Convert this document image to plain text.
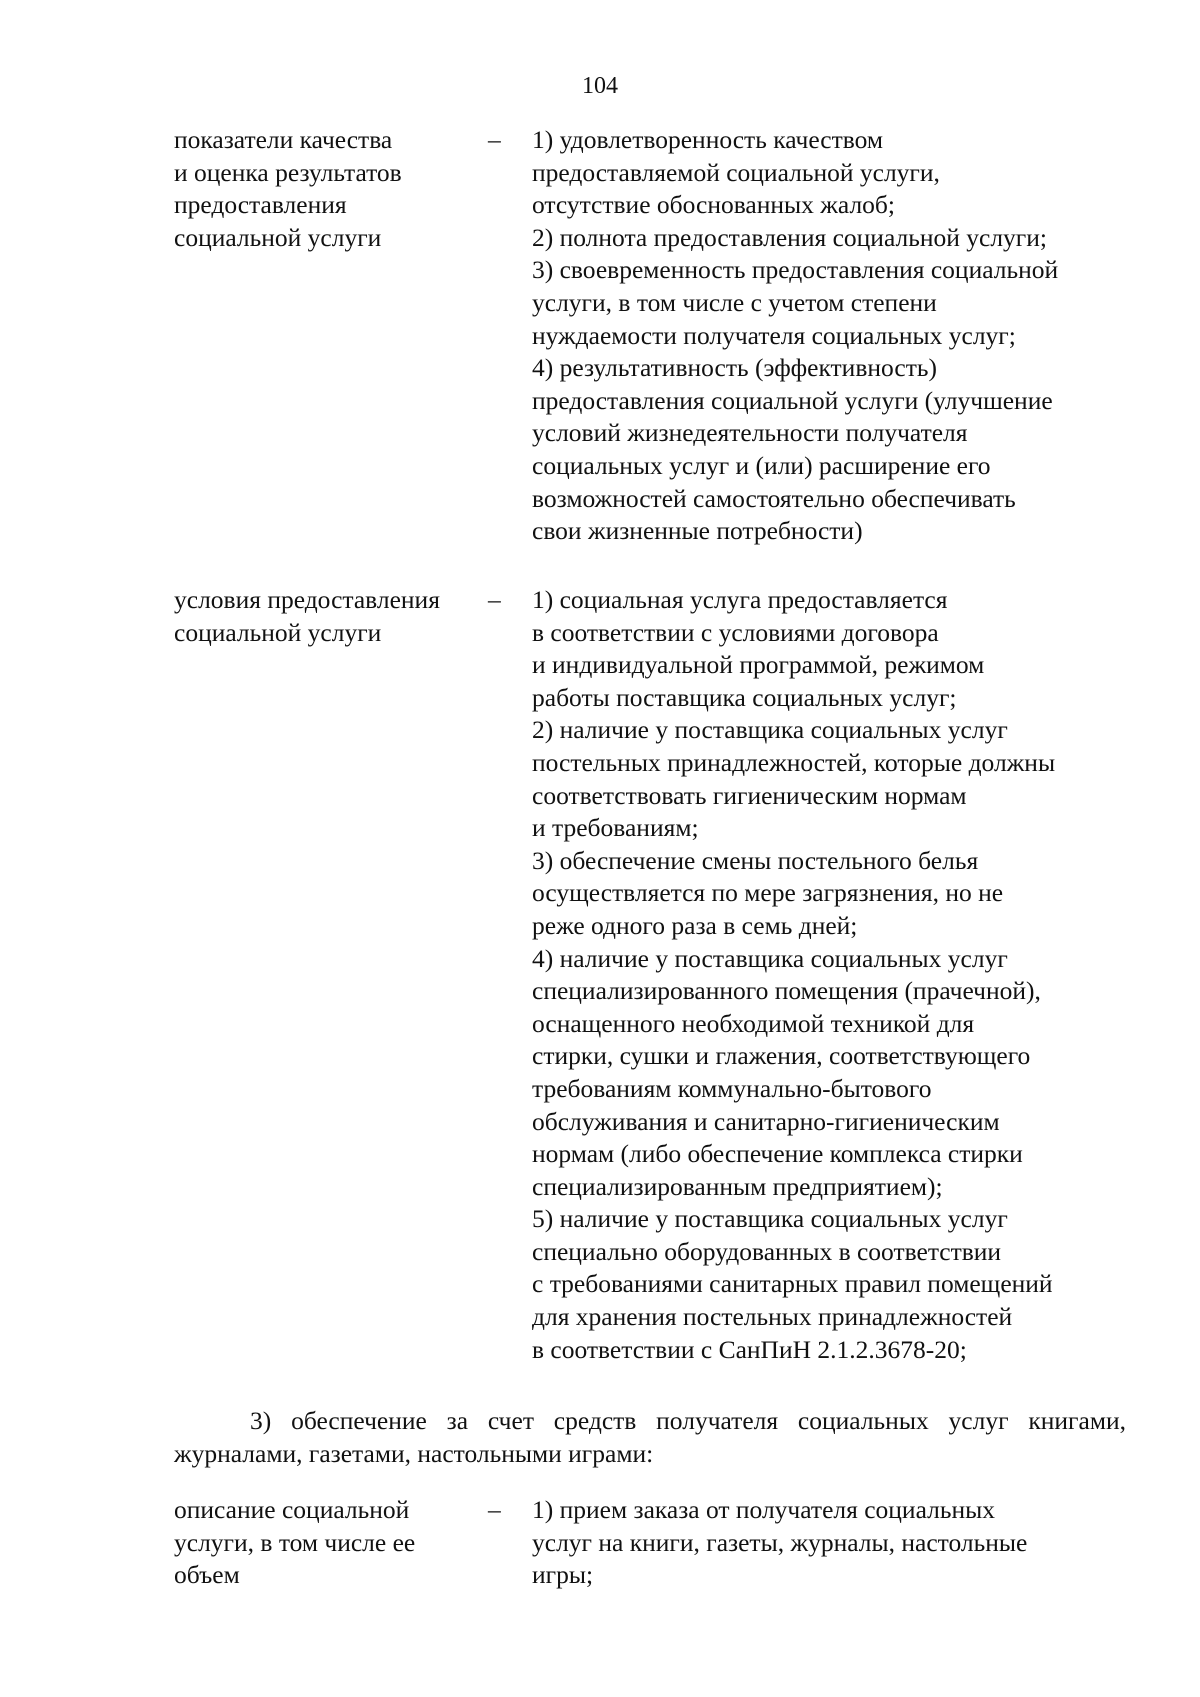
104
показатели качества
и оценка результатов
предоставления
социальной услуги
– 1) удовлетворенность качеством
предоставляемой социальной услуги,
отсутствие обоснованных жалоб;
2) полнота предоставления социальной услуги;
3) своевременность предоставления социальной
услуги, в том числе с учетом степени
нуждаемости получателя социальных услуг;
4) результативность (эффективность)
предоставления социальной услуги (улучшение
условий жизнедеятельности получателя
социальных услуг и (или) расширение его
возможностей самостоятельно обеспечивать
свои жизненные потребности)
условия предоставления
социальной услуги
– 1) социальная услуга предоставляется
в соответствии с условиями договора
и индивидуальной программой, режимом
работы поставщика социальных услуг;
2) наличие у поставщика социальных услуг
постельных принадлежностей, которые должны
соответствовать гигиеническим нормам
и требованиям;
3) обеспечение смены постельного белья
осуществляется по мере загрязнения, но не
реже одного раза в семь дней;
4) наличие у поставщика социальных услуг
специализированного помещения (прачечной),
оснащенного необходимой техникой для
стирки, сушки и глажения, соответствующего
требованиям коммунально-бытового
обслуживания и санитарно-гигиеническим
нормам (либо обеспечение комплекса стирки
специализированным предприятием);
5) наличие у поставщика социальных услуг
специально оборудованных в соответствии
с требованиями санитарных правил помещений
для хранения постельных принадлежностей
в соответствии с СанПиН 2.1.2.3678-20;
3) обеспечение за счет средств получателя социальных услуг книгами,
журналами, газетами, настольными играми:
описание социальной
услуги, в том числе ее
объем
– 1) прием заказа от получателя социальных
услуг на книги, газеты, журналы, настольные
игры;
